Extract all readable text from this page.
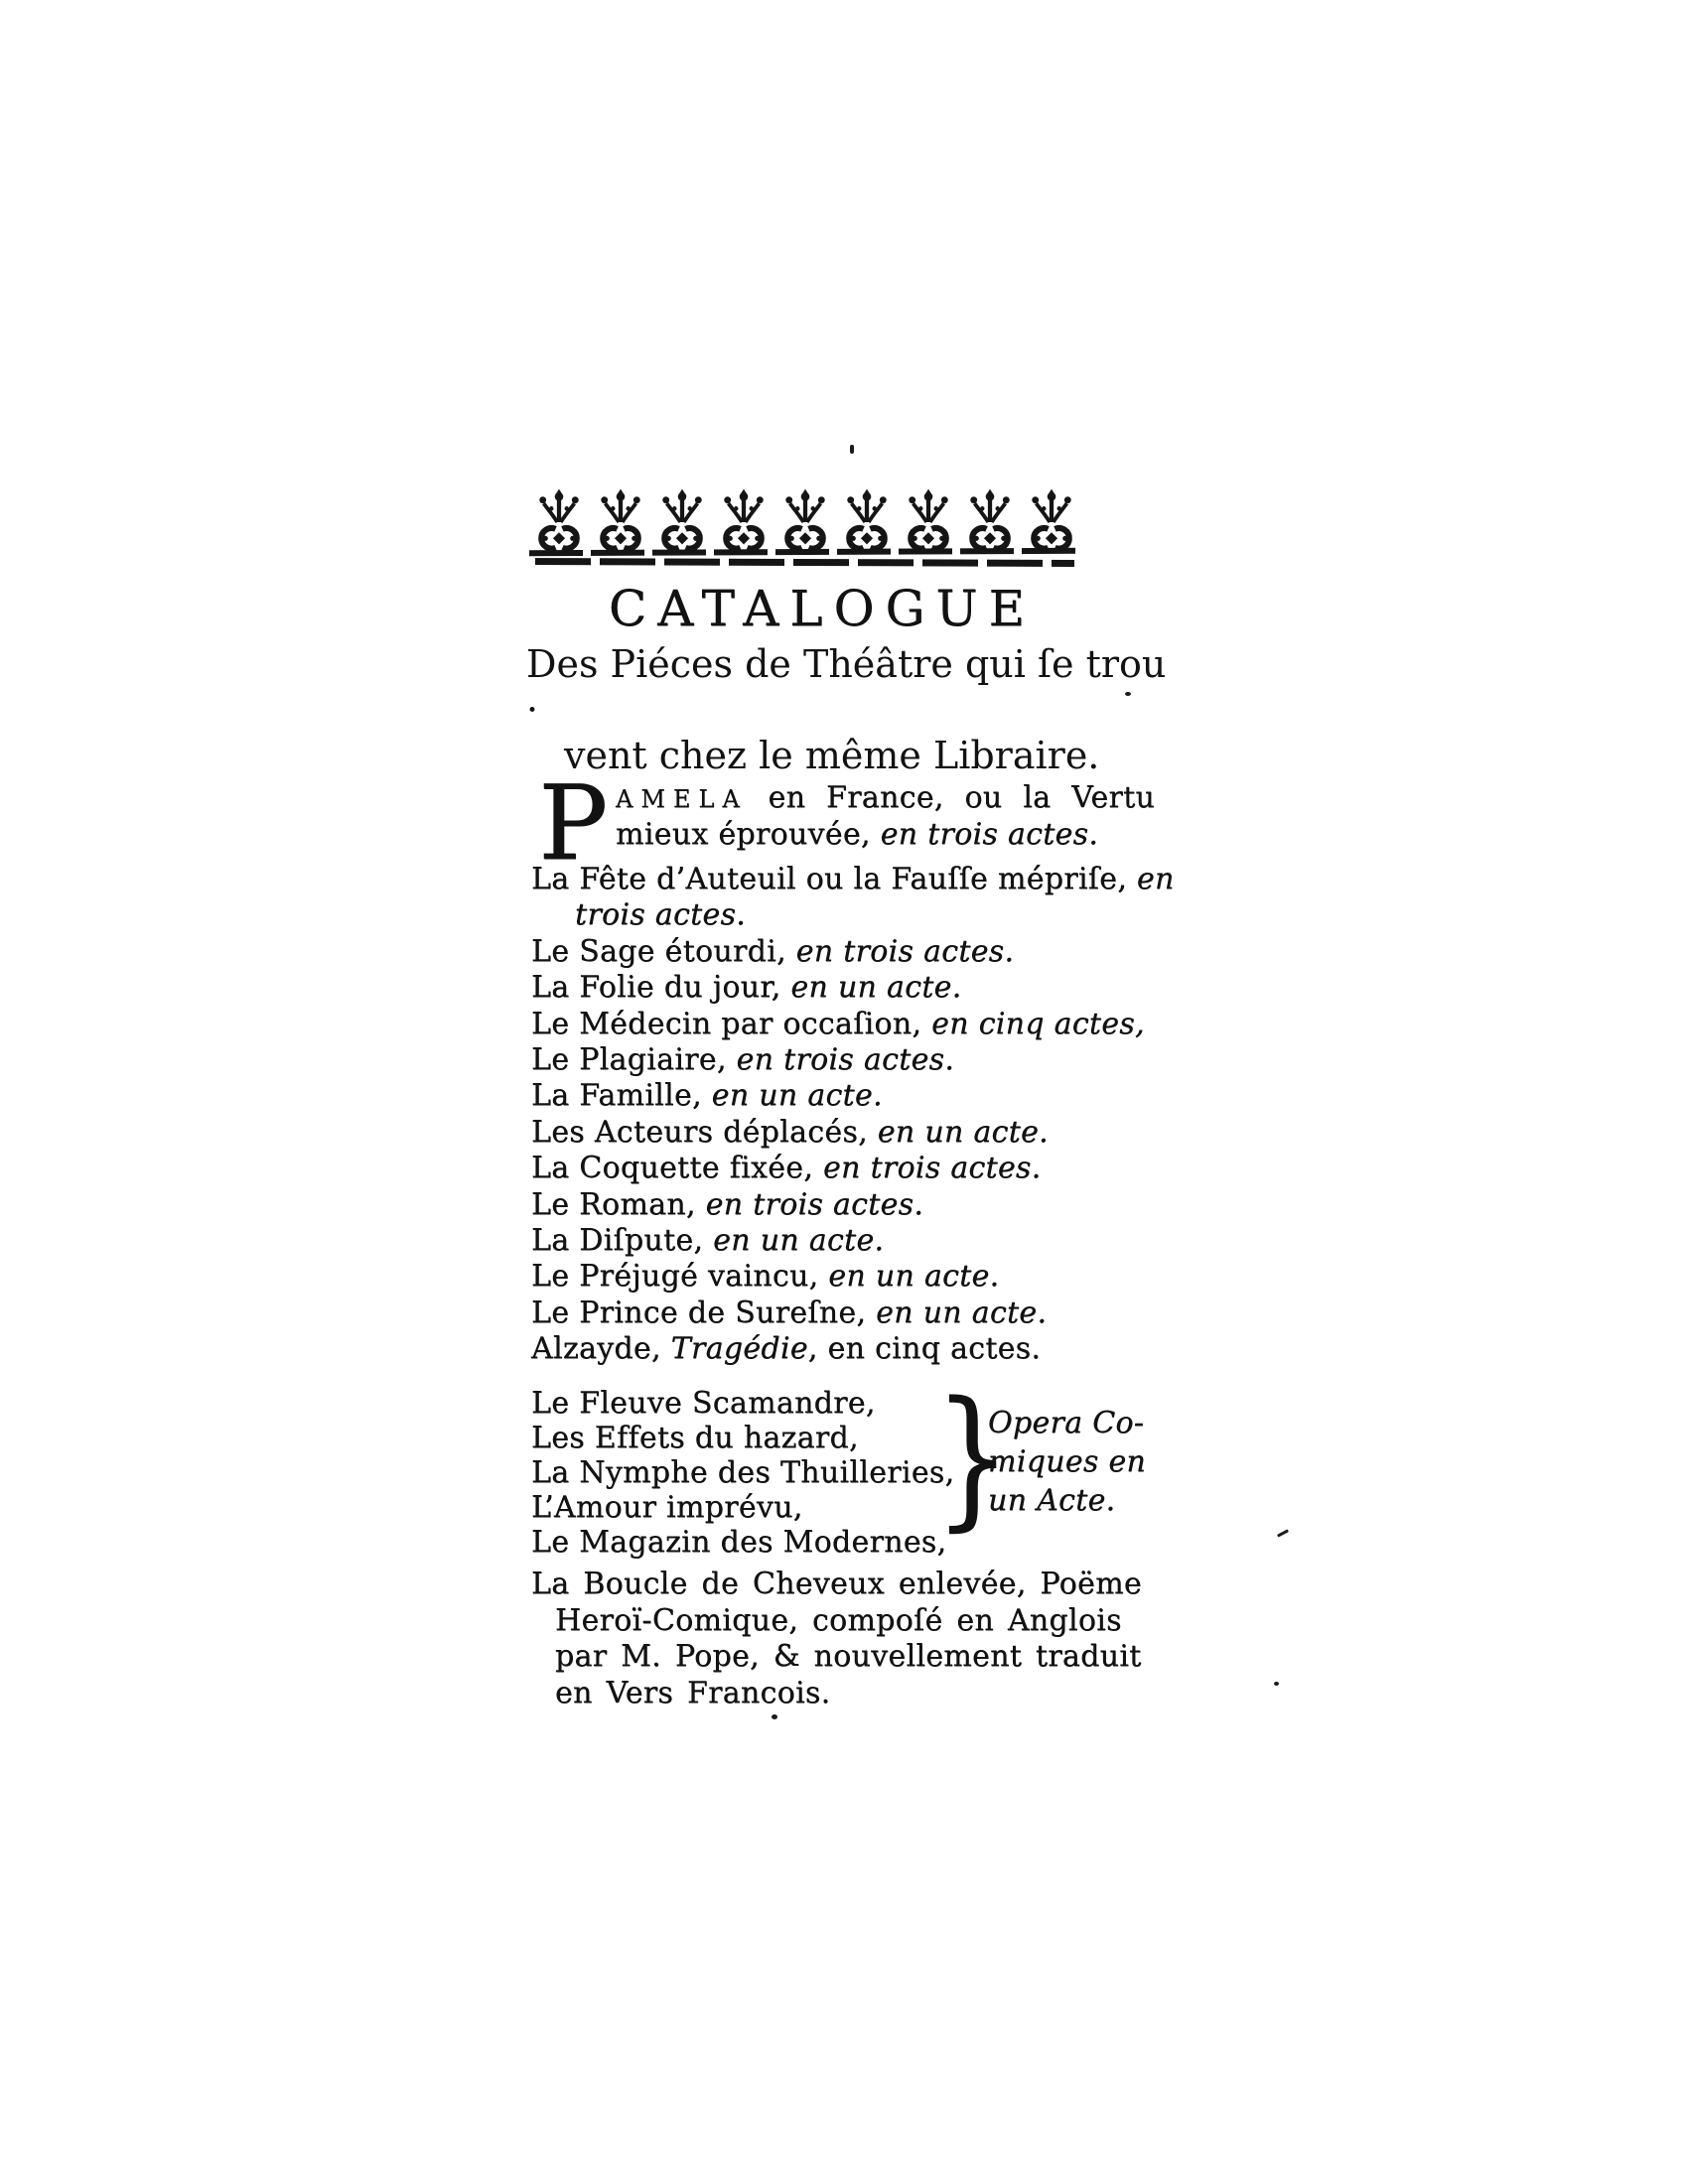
CATALOGUE
Des Piéces de Théâtre qui ſe trou ·
vent chez le même Libraire.
P AMELA en France, ou la Vertu
mieux éprouvée, en trois actes.
La Fête d’Auteuil ou la Fauſſe mépriſe, en
trois actes.
Le Sage étourdi, en trois actes.
La Folie du jour, en un acte.
Le Médecin par occaſion, en cinq actes,
Le Plagiaire, en trois actes.
La Famille, en un acte.
Les Acteurs déplacés, en un acte.
La Coquette fixée, en trois actes.
Le Roman, en trois actes.
La Diſpute, en un acte.
Le Préjugé vaincu, en un acte.
Le Prince de Sureſne, en un acte.
Alzayde, Tragédie, en cinq actes.
Le Fleuve Scamandre,
Les Effets du hazard,
La Nymphe des Thuilleries,
L’Amour imprévu,
Le Magazin des Modernes,
}
Opera Co-
miques en
un Acte.
La Boucle de Cheveux enlevée, Poëme
Heroï-Comique, compoſé en Anglois
par M. Pope, & nouvellement traduit
en Vers Francois.
